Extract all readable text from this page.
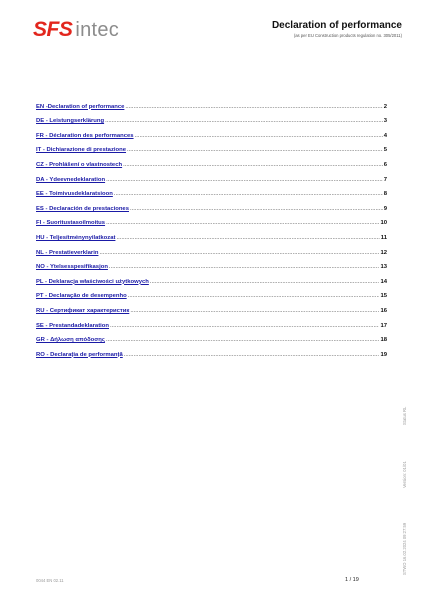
SFS intec	Declaration of performance
(as per EU Construction products regulation no. 305/2011)
EN -Declaration of performance .....	2
DE - Leistungserklärung .....	3
FR - Déclaration des performances .....	4
IT - Dichiarazione di prestazione .....	5
CZ - Prohlášení o vlastnostech .....	6
DA - Ydeevnedeklaration .....	7
EE - Toimivusdeklaratsioon .....	8
ES - Declaración de prestaciones .....	9
FI - Suoritustasoilmoitus .....	10
HU - Teljesítménynyilatkozat .....	11
NL - Prestatieverklarin .....	12
NO - Ytelsesspesifikasjon .....	13
PL - Deklaracja właściwości użytkowych .....	14
PT - Declaração de desempenho .....	15
RU - Сертификат характеристик .....	16
SE - Prestandadeklaration .....	17
GR - Δήλωση απόδοσης .....	18
RO - Declarația de performanță .....	19
Status RL
Version: 01/01
STWO 16.02.2024 09:27:59
0044 EN 02.11	1 / 19
